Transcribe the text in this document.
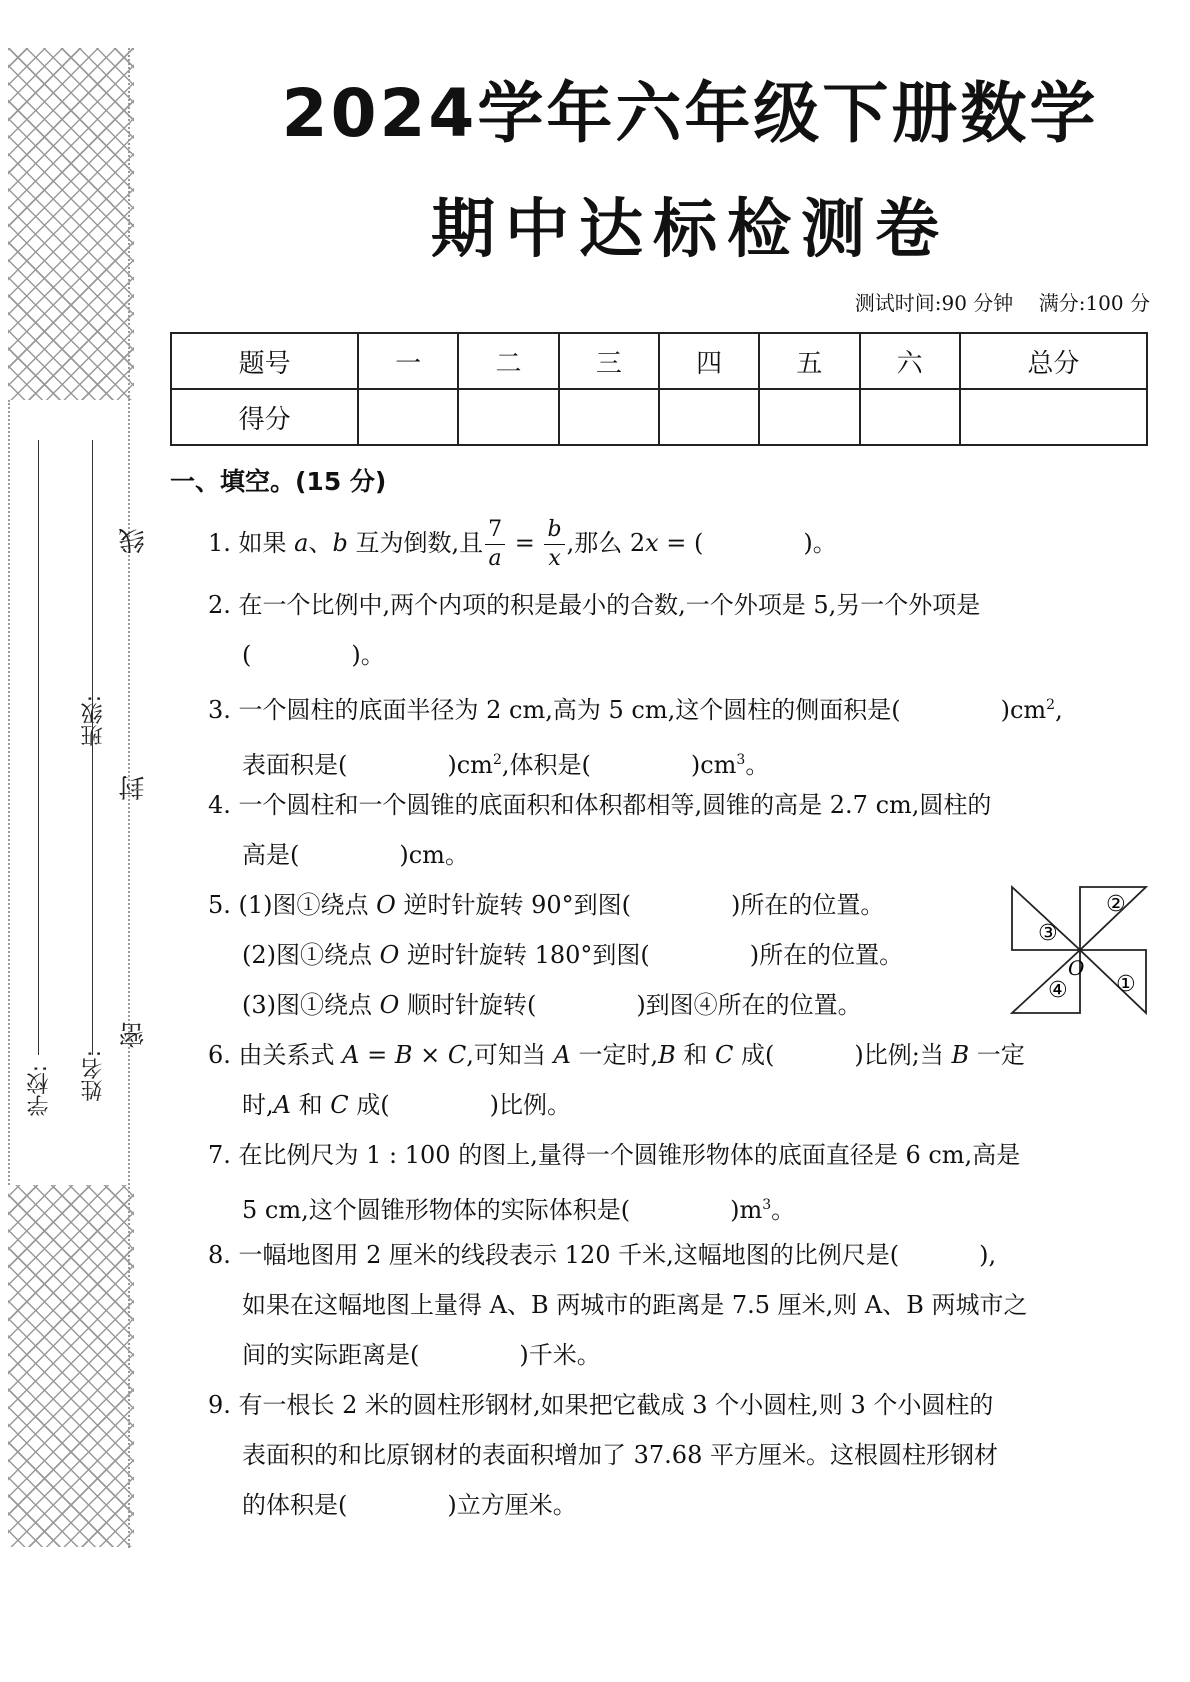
学校: 姓名:
班级:
线
封
密
2024学年六年级下册数学
期中达标检测卷
测试时间:90 分钟    满分:100 分
题号	一	二	三	四	五	六	总分
得分							
一、填空。(15 分)
1. 如果 a、b 互为倒数,且 $\frac{7}{a} = \frac{b}{x}$ ,那么 2x = (	)。
2. 在一个比例中,两个内项的积是最小的合数,一个外项是 5,另一个外项是
(	)。
3. 一个圆柱的底面半径为 2 cm,高为 5 cm,这个圆柱的侧面积是(	)$cm^2$,
表面积是(	)$cm^2$,体积是(	)$cm^3$。
4. 一个圆柱和一个圆锥的底面积和体积都相等,圆锥的高是 2.7 cm,圆柱的
高是(	)cm。
5. (1)图①绕点 O 逆时针旋转 90°到图(	)所在的位置。
(2)图①绕点 O 逆时针旋转 180°到图(	)所在的位置。
(3)图①绕点 O 顺时针旋转(	)到图④所在的位置。
③
②
①
④
O
6. 由关系式 A = B × C,可知当 A 一定时,B 和 C 成(	)比例;当 B 一定
时,A 和 C 成(	)比例。
7. 在比例尺为 1 : 100 的图上,量得一个圆锥形物体的底面直径是 6 cm,高是
5 cm,这个圆锥形物体的实际体积是(	)$m^3$。
8. 一幅地图用 2 厘米的线段表示 120 千米,这幅地图的比例尺是(	),
如果在这幅地图上量得 A、B 两城市的距离是 7.5 厘米,则 A、B 两城市之
间的实际距离是(	)千米。
9. 有一根长 2 米的圆柱形钢材,如果把它截成 3 个小圆柱,则 3 个小圆柱的
表面积的和比原钢材的表面积增加了 37.68 平方厘米。这根圆柱形钢材
的体积是(	)立方厘米。
